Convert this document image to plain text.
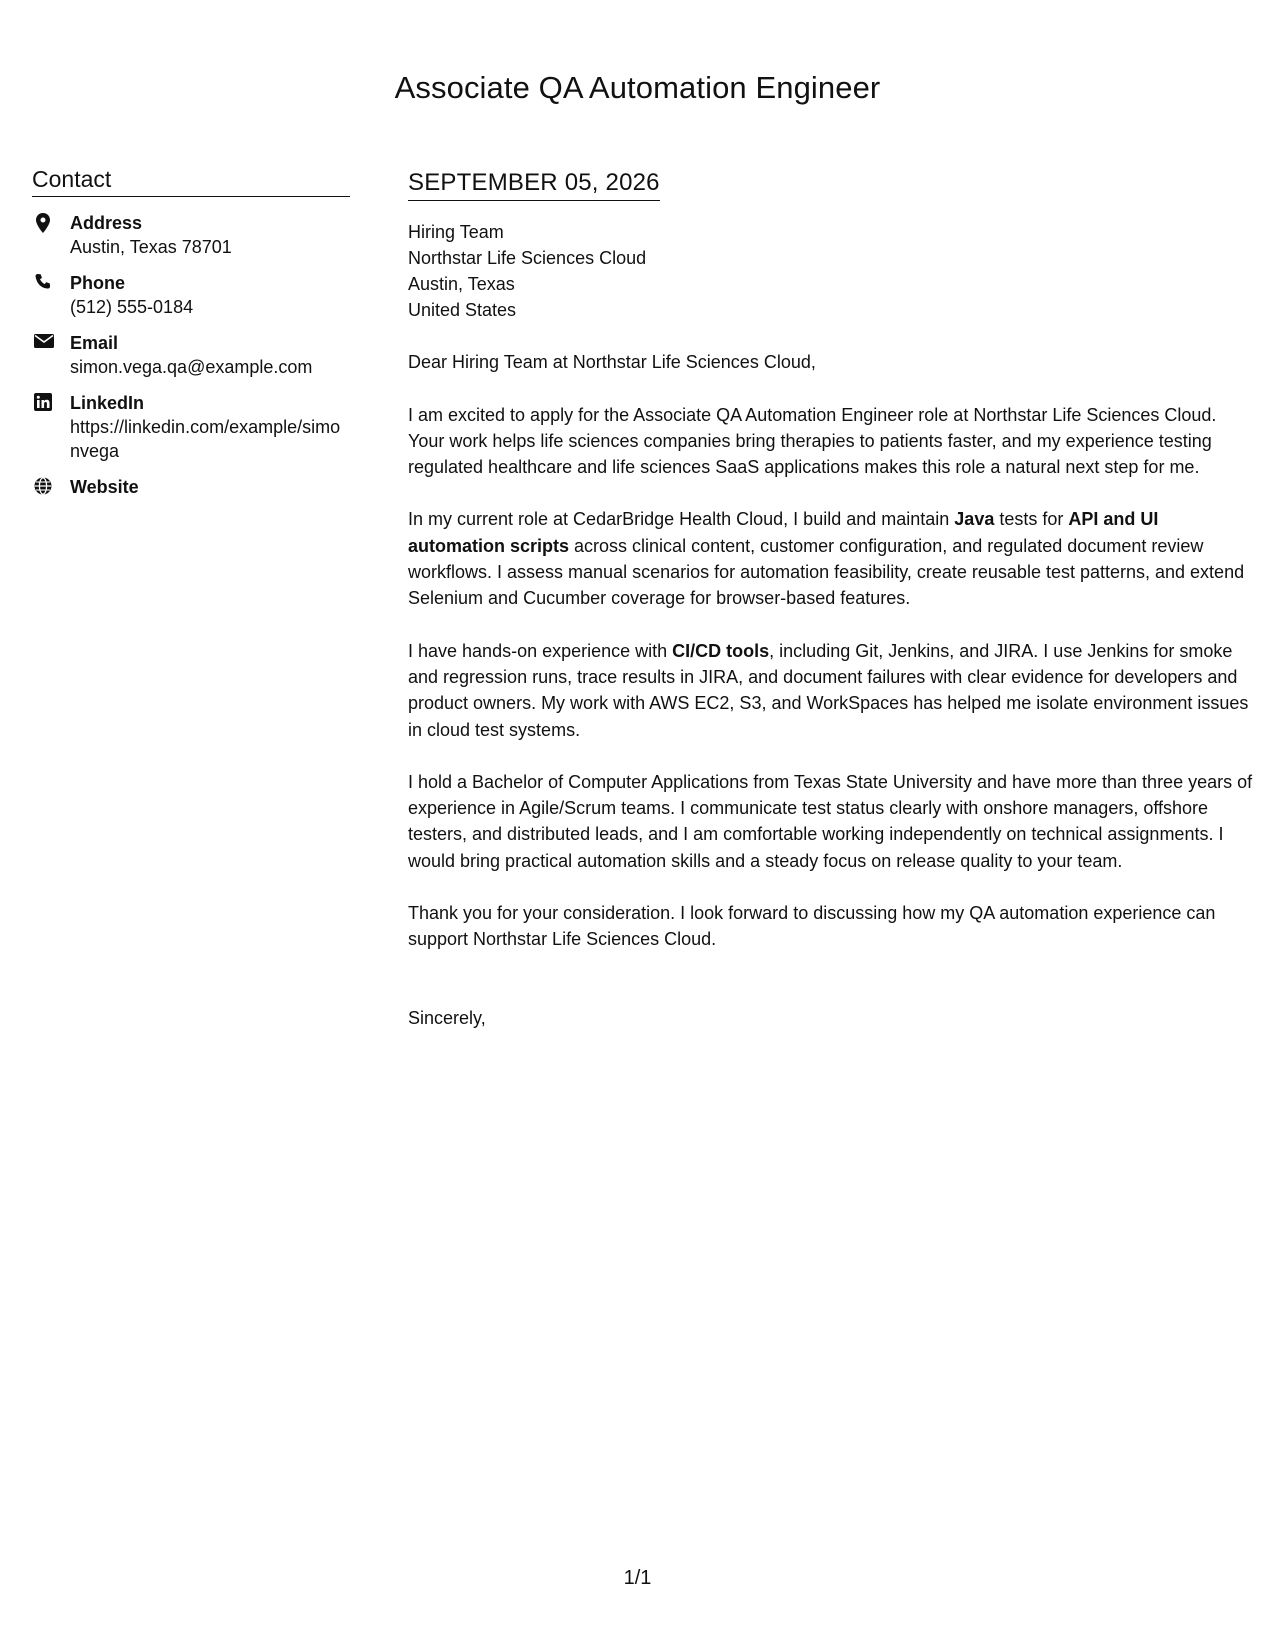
Associate QA Automation Engineer
Contact
Address
Austin, Texas 78701
Phone
(512) 555-0184
Email
simon.vega.qa@example.com
LinkedIn
https://linkedin.com/example/simonvega
Website
SEPTEMBER 05, 2026
Hiring Team
Northstar Life Sciences Cloud
Austin, Texas
United States

Dear Hiring Team at Northstar Life Sciences Cloud,

I am excited to apply for the Associate QA Automation Engineer role at Northstar Life Sciences Cloud. Your work helps life sciences companies bring therapies to patients faster, and my experience testing regulated healthcare and life sciences SaaS applications makes this role a natural next step for me.

In my current role at CedarBridge Health Cloud, I build and maintain Java tests for API and UI automation scripts across clinical content, customer configuration, and regulated document review workflows. I assess manual scenarios for automation feasibility, create reusable test patterns, and extend Selenium and Cucumber coverage for browser-based features.

I have hands-on experience with CI/CD tools, including Git, Jenkins, and JIRA. I use Jenkins for smoke and regression runs, trace results in JIRA, and document failures with clear evidence for developers and product owners. My work with AWS EC2, S3, and WorkSpaces has helped me isolate environment issues in cloud test systems.

I hold a Bachelor of Computer Applications from Texas State University and have more than three years of experience in Agile/Scrum teams. I communicate test status clearly with onshore managers, offshore testers, and distributed leads, and I am comfortable working independently on technical assignments. I would bring practical automation skills and a steady focus on release quality to your team.

Thank you for your consideration. I look forward to discussing how my QA automation experience can support Northstar Life Sciences Cloud.

Sincerely,

1/1
